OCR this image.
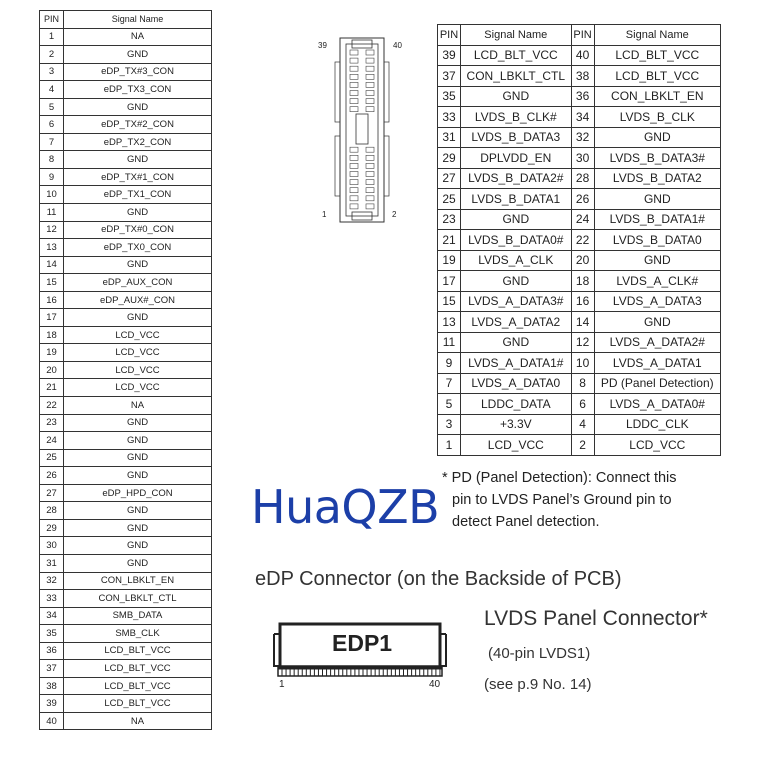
PIN	Signal Name
1	NA
2	GND
3	eDP_TX#3_CON
4	eDP_TX3_CON
5	GND
6	eDP_TX#2_CON
7	eDP_TX2_CON
8	GND
9	eDP_TX#1_CON
10	eDP_TX1_CON
11	GND
12	eDP_TX#0_CON
13	eDP_TX0_CON
14	GND
15	eDP_AUX_CON
16	eDP_AUX#_CON
17	GND
18	LCD_VCC
19	LCD_VCC
20	LCD_VCC
21	LCD_VCC
22	NA
23	GND
24	GND
25	GND
26	GND
27	eDP_HPD_CON
28	GND
29	GND
30	GND
31	GND
32	CON_LBKLT_EN
33	CON_LBKLT_CTL
34	SMB_DATA
35	SMB_CLK
36	LCD_BLT_VCC
37	LCD_BLT_VCC
38	LCD_BLT_VCC
39	LCD_BLT_VCC
40	NA
39	40
1	2
PIN	Signal Name	PIN	Signal Name
39	LCD_BLT_VCC	40	LCD_BLT_VCC
37	CON_LBKLT_CTL	38	LCD_BLT_VCC
35	GND	36	CON_LBKLT_EN
33	LVDS_B_CLK#	34	LVDS_B_CLK
31	LVDS_B_DATA3	32	GND
29	DPLVDD_EN	30	LVDS_B_DATA3#
27	LVDS_B_DATA2#	28	LVDS_B_DATA2
25	LVDS_B_DATA1	26	GND
23	GND	24	LVDS_B_DATA1#
21	LVDS_B_DATA0#	22	LVDS_B_DATA0
19	LVDS_A_CLK	20	GND
17	GND	18	LVDS_A_CLK#
15	LVDS_A_DATA3#	16	LVDS_A_DATA3
13	LVDS_A_DATA2	14	GND
11	GND	12	LVDS_A_DATA2#
9	LVDS_A_DATA1#	10	LVDS_A_DATA1
7	LVDS_A_DATA0	8	PD (Panel Detection)
5	LDDC_DATA	6	LVDS_A_DATA0#
3	+3.3V	4	LDDC_CLK
1	LCD_VCC	2	LCD_VCC
* PD (Panel Detection): Connect this
pin to LVDS Panel’s Ground pin to
detect Panel detection.
HuaQZB
eDP Connector (on the Backside of PCB)
LVDS Panel Connector*
(40-pin LVDS1)
(see p.9 No. 14)
EDP1
1	40
